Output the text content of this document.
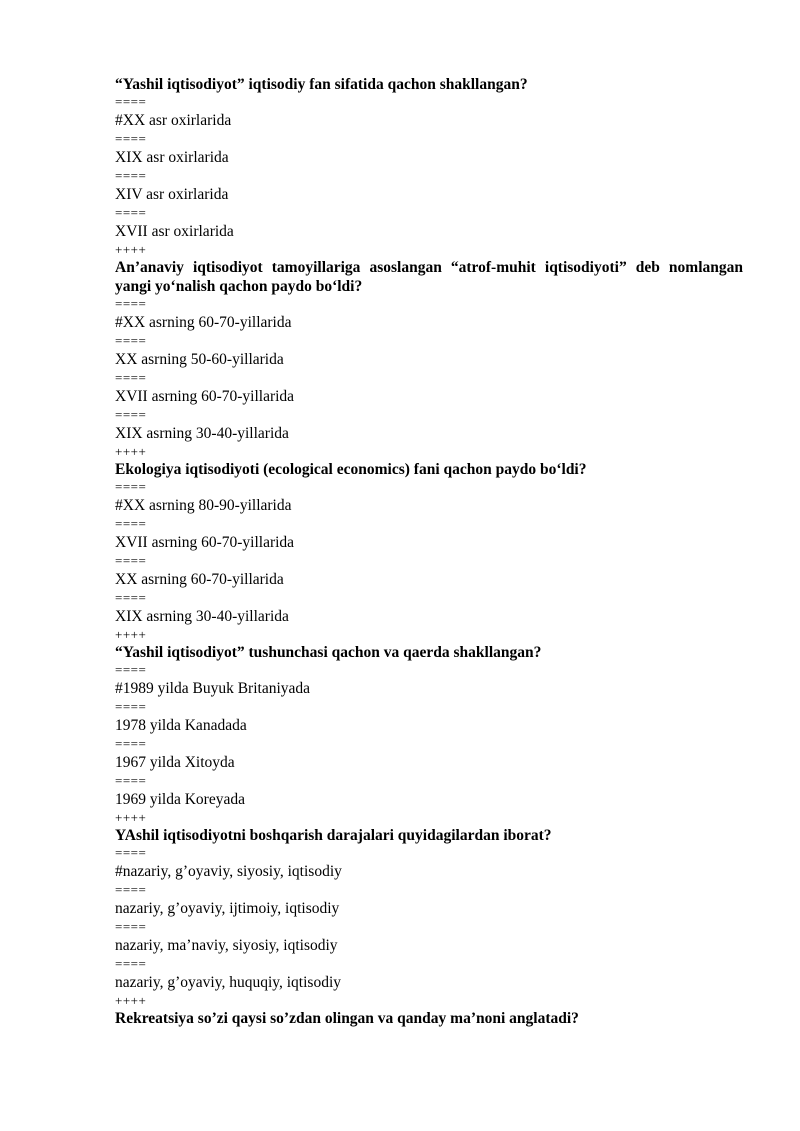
“Yashil iqtisodiyot” iqtisodiy fan sifatida qachon shakllangan?

====
#XX asr oxirlarida
====
XIX asr oxirlarida
====
XIV asr oxirlarida
====
XVII asr oxirlarida
++++

An’anaviy iqtisodiyot tamoyillariga asoslangan “atrof-muhit iqtisodiyoti” deb nomlangan yangi yo‘nalish qachon paydo bo‘ldi?

====
#XX asrning 60-70-yillarida
====
XX asrning 50-60-yillarida
====
XVII asrning 60-70-yillarida
====
XIX asrning 30-40-yillarida
++++

Ekologiya iqtisodiyoti (ecological economics) fani qachon paydo bo‘ldi?

====
#XX asrning 80-90-yillarida
====
XVII asrning 60-70-yillarida
====
XX asrning 60-70-yillarida
====
XIX asrning 30-40-yillarida
++++

“Yashil iqtisodiyot” tushunchasi qachon va qaerda shakllangan?

====
#1989 yilda Buyuk Britaniyada
====
1978 yilda Kanadada
====
1967 yilda Xitoyda
====
1969 yilda Koreyada
++++

YAshil iqtisodiyotni boshqarish darajalari quyidagilardan iborat?

====
#nazariy, g’oyaviy, siyosiy, iqtisodiy
====
nazariy, g’oyaviy, ijtimoiy, iqtisodiy
====
nazariy, ma’naviy, siyosiy, iqtisodiy
====
nazariy, g’oyaviy, huquqiy, iqtisodiy
++++

Rekreatsiya so’zi qaysi so’zdan olingan va qanday ma’noni anglatadi?
